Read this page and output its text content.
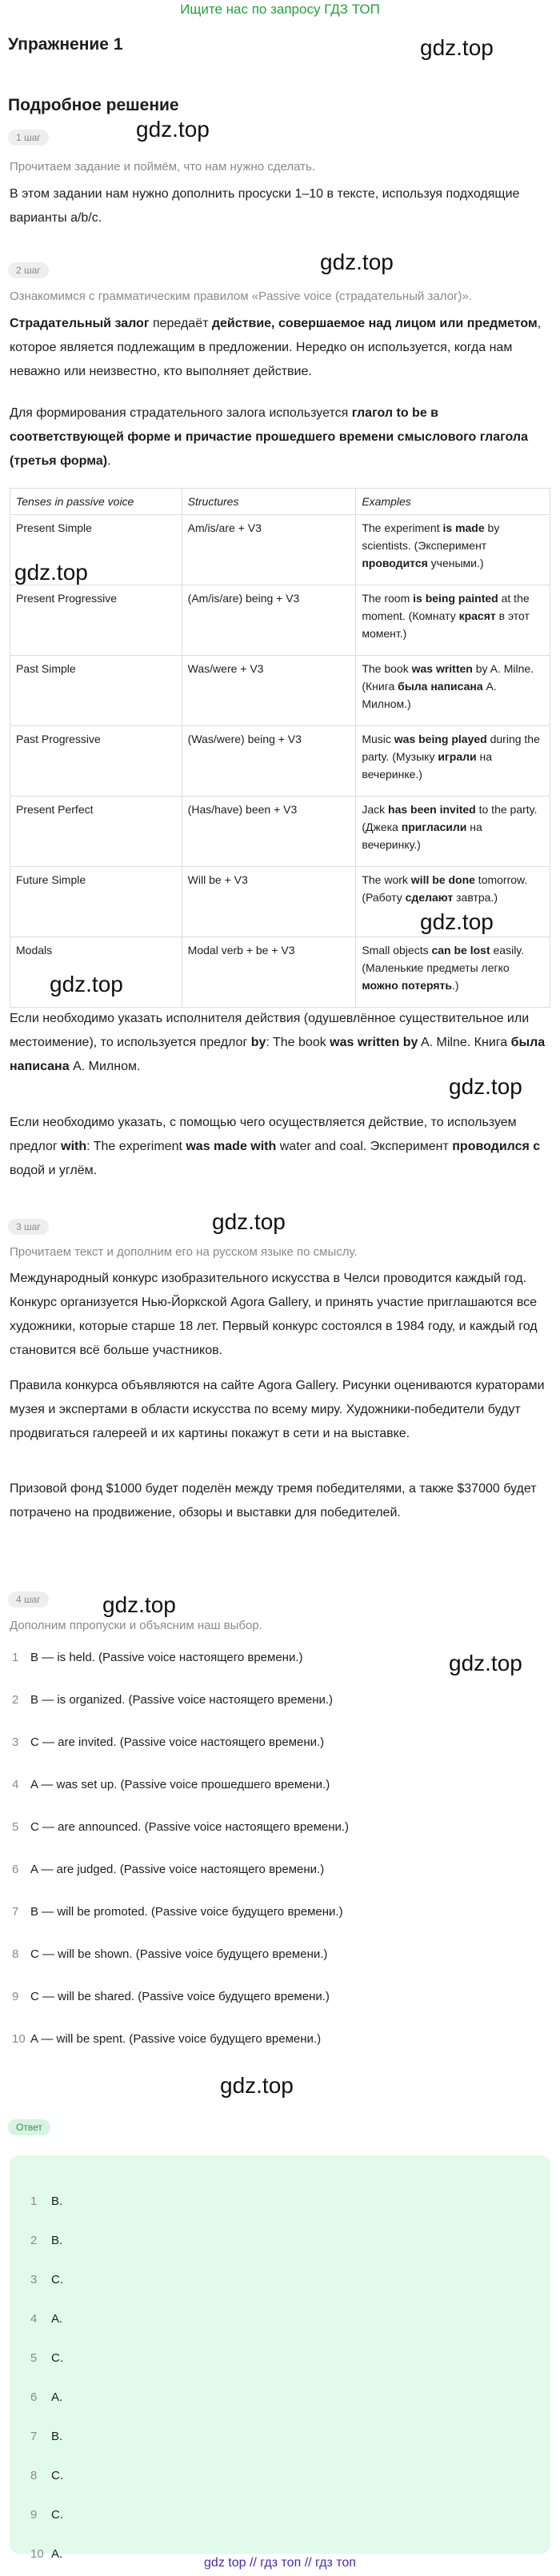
Ищите нас по запросу ГДЗ ТОП
Упражнение 1
Подробное решение
gdz.top
gdz.top
gdz.top
gdz.top
gdz.top
gdz.top
gdz.top
gdz.top
gdz.top
gdz.top
gdz.top
1 шаг
Прочитаем задание и поймём, что нам нужно сделать.
В этом задании нам нужно дополнить просуски 1–10 в тексте, используя подходящие варианты a/b/c.
2 шаг
Ознакомимся с грамматическим правилом «Passive voice (страдательный залог)».
Страдательный залог передаёт действие, совершаемое над лицом или предметом, которое является подлежащим в предложении. Нередко он используется, когда нам неважно или неизвестно, кто выполняет действие.
Для формирования страдательного залога используется глагол to be в соответствующей форме и причастие прошедшего времени смыслового глагола (третья форма).
Tenses in passive voice	Structures	Examples
Present Simple	Am/is/are + V3	The experiment is made by scientists. (Эксперимент проводится учеными.)
Present Progressive	(Am/is/are) being + V3	The room is being painted at the moment. (Комнату красят в этот момент.)
Past Simple	Was/were + V3	The book was written by A. Milne. (Книга была написана А. Милном.)
Past Progressive	(Was/were) being + V3	Music was being played during the party. (Музыку играли на вечеринке.)
Present Perfect	(Has/have) been + V3	Jack has been invited to the party. (Джека пригласили на вечеринку.)
Future Simple	Will be + V3	The work will be done tomorrow. (Работу сделают завтра.)
Modals	Modal verb + be + V3	Small objects can be lost easily. (Маленькие предметы легко можно потерять.)
Если необходимо указать исполнителя действия (одушевлённое существительное или местоимение), то используется предлог by: The book was written by A. Milne. Книга была написана А. Милном.
Если необходимо указать, с помощью чего осуществляется действие, то используем предлог with: The experiment was made with water and coal. Эксперимент проводился с водой и углём.
3 шаг
Прочитаем текст и дополним его на русском языке по смыслу.
Международный конкурс изобразительного искусства в Челси проводится каждый год. Конкурс организуется Нью-Йоркской Agora Gallery, и принять участие приглашаются все художники, которые старше 18 лет. Первый конкурс состоялся в 1984 году, и каждый год становится всё больше участников.
Правила конкурса объявляются на сайте Agora Gallery. Рисунки оцениваются кураторами музея и экспертами в области искусства по всему миру. Художники-победители будут продвигаться галереей и их картины покажут в сети и на выставке.
Призовой фонд $1000 будет поделён между тремя победителями, а также $37000 будет потрачено на продвижение, обзоры и выставки для победителей.
4 шаг
Дополним ппропуски и объясним наш выбор.
1 B — is held. (Passive voice настоящего времени.)
2 B — is organized. (Passive voice настоящего времени.)
3 C — are invited. (Passive voice настоящего времени.)
4 A — was set up. (Passive voice прошедшего времени.)
5 C — are announced. (Passive voice настоящего времени.)
6 A — are judged. (Passive voice настоящего времени.)
7 B — will be promoted. (Passive voice будущего времени.)
8 C — will be shown. (Passive voice будущего времени.)
9 C — will be shared. (Passive voice будущего времени.)
10 A — will be spent. (Passive voice будущего времени.)
Ответ
1 B.
2 B.
3 C.
4 A.
5 C.
6 A.
7 B.
8 C.
9 C.
10 A.
gdz top // гдз топ // гдз топ
